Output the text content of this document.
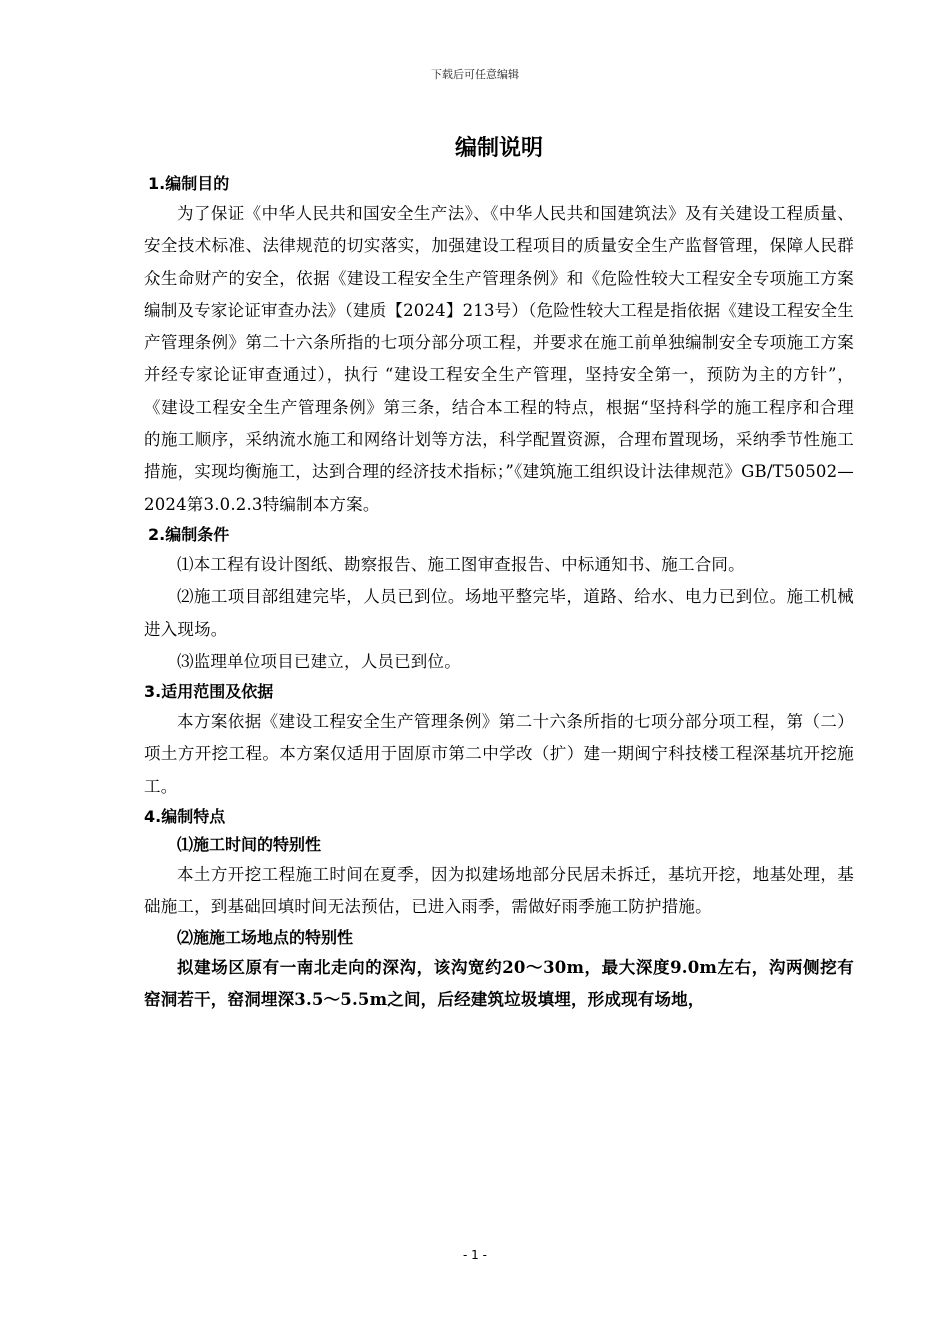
下载后可任意编辑
编制说明

1.编制目的

为了保证《中华人民共和国安全生产法》、《中华人民共和国建筑法》及有关建设工程质量、安全技术标准、法律规范的切实落实，加强建设工程项目的质量安全生产监督管理，保障人民群众生命财产的安全，依据《建设工程安全生产管理条例》和《危险性较大工程安全专项施工方案编制及专家论证审查办法》（建质【2024】213号）（危险性较大工程是指依据《建设工程安全生产管理条例》第二十六条所指的七项分部分项工程，并要求在施工前单独编制安全专项施工方案并经专家论证审查通过），执行 “建设工程安全生产管理，坚持安全第一，预防为主的方针”， 《建设工程安全生产管理条例》第三条，结合本工程的特点，根据“坚持科学的施工程序和合理的施工顺序，采纳流水施工和网络计划等方法，科学配置资源，合理布置现场，采纳季节性施工措施，实现均衡施工，达到合理的经济技术指标；”《建筑施工组织设计法律规范》GB/T50502—2024第3.0.2.3特编制本方案。

2.编制条件

⑴本工程有设计图纸、勘察报告、施工图审查报告、中标通知书、施工合同。

⑵施工项目部组建完毕，人员已到位。场地平整完毕，道路、给水、电力已到位。施工机械进入现场。

⑶监理单位项目已建立，人员已到位。

3.适用范围及依据

本方案依据《建设工程安全生产管理条例》第二十六条所指的七项分部分项工程，第（二）项土方开挖工程。本方案仅适用于固原市第二中学改（扩）建一期闽宁科技楼工程深基坑开挖施工。

4.编制特点

⑴施工时间的特别性

本土方开挖工程施工时间在夏季，因为拟建场地部分民居未拆迁，基坑开挖，地基处理，基础施工，到基础回填时间无法预估，已进入雨季，需做好雨季施工防护措施。

⑵施施工场地点的特别性

拟建场区原有一南北走向的深沟，该沟宽约20～30m，最大深度9.0m左右，沟两侧挖有窑洞若干，窑洞埋深3.5～5.5m之间，后经建筑垃圾填埋，形成现有场地，

- 1 -
